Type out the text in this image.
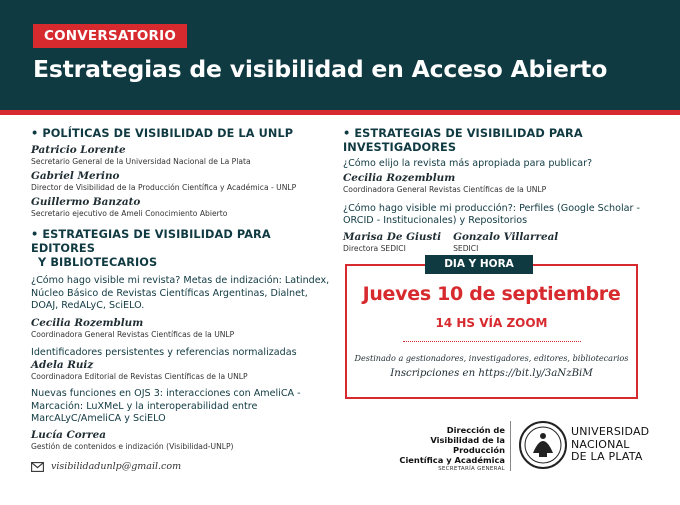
CONVERSATORIO
Estrategias de visibilidad en Acceso Abierto
• POLÍTICAS DE VISIBILIDAD DE LA UNLP
Patricio Lorente
Secretario General de la Universidad Nacional de La Plata
Gabriel Merino
Director de Visibilidad de la Producción Científica y Académica - UNLP
Guillermo Banzato
Secretario ejecutivo de Ameli Conocimiento Abierto
• ESTRATEGIAS DE VISIBILIDAD PARA EDITORES
Y BIBLIOTECARIOS
¿Cómo hago visible mi revista? Metas de indización: Latindex, Núcleo Básico de Revistas Científicas Argentinas, Dialnet, DOAJ, RedALyC, SciELO.
Cecilia Rozemblum
Coordinadora General Revistas Científicas de la UNLP
Identificadores persistentes y referencias normalizadas
Adela Ruiz
Coordinadora Editorial de Revistas Científicas de la UNLP
Nuevas funciones en OJS 3: interacciones con AmeliCA - Marcación: LuXMeL y la interoperabilidad entre MarcALyC/AmeliCA y SciELO
Lucía Correa
Gestión de contenidos e indización (Visibilidad-UNLP)
• ESTRATEGIAS DE VISIBILIDAD PARA INVESTIGADORES
¿Cómo elijo la revista más apropiada para publicar?
Cecilia Rozemblum
Coordinadora General Revistas Científicas de la UNLP
¿Cómo hago visible mi producción?: Perfiles (Google Scholar - ORCID - Institucionales) y Repositorios
Marisa De Giusti
Directora SEDICI
Gonzalo Villarreal
SEDICI
DIA Y HORA
Jueves 10 de septiembre
14 HS VÍA ZOOM
Destinado a gestionadores, investigadores, editores, bibliotecarios
Inscripciones en https://bit.ly/3aNzBiM
visibilidadunlp@gmail.com
Dirección de
Visibilidad de la Producción
Científica y Académica
SECRETARÍA GENERAL
UNIVERSIDAD
NACIONAL
DE LA PLATA
